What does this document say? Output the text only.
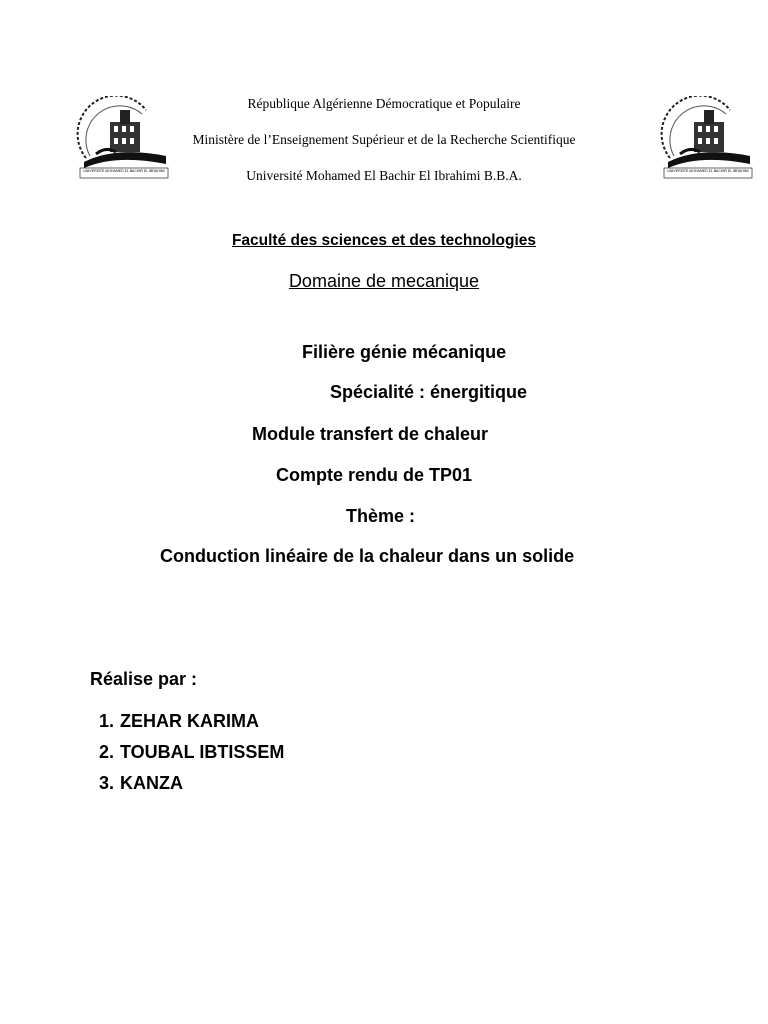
UNIVERSITE MOHAMED EL BACHIR EL IBRAHIMI	UNIVERSITE MOHAMED EL BACHIR EL IBRAHIMI
République Algérienne Démocratique et Populaire
Ministère de l’Enseignement Supérieur et de la Recherche Scientifique
Université Mohamed El Bachir El Ibrahimi B.B.A.
Faculté des sciences et des technologies
Domaine de mecanique
Filière génie mécanique
Spécialité : énergitique
Module transfert de chaleur
Compte rendu de TP01
Thème :
Conduction linéaire de la chaleur dans un solide
Réalise par :
1. ZEHAR KARIMA
2. TOUBAL IBTISSEM
3. KANZA
